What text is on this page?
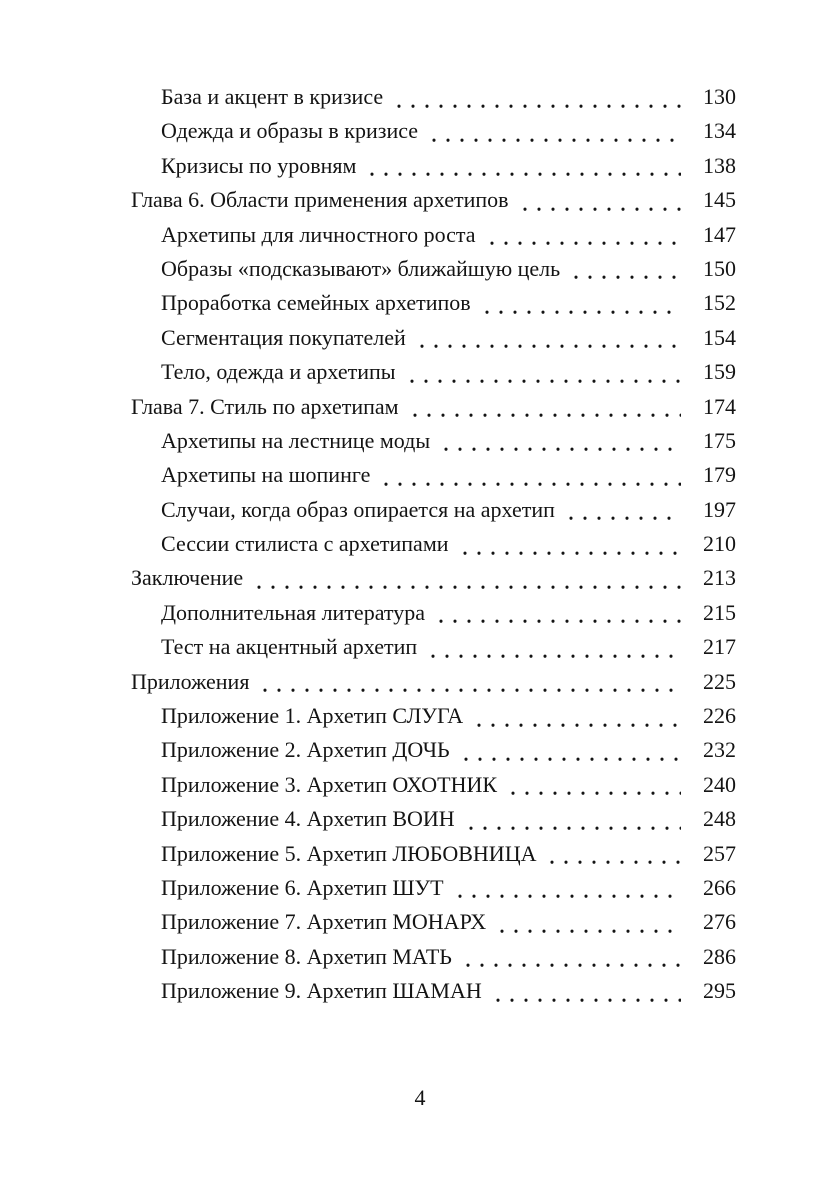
База и акцент в кризисе	130
Одежда и образы в кризисе	134
Кризисы по уровням	138
Глава 6. Области применения архетипов	145
Архетипы для личностного роста	147
Образы «подсказывают» ближайшую цель	150
Проработка семейных архетипов	152
Сегментация покупателей	154
Тело, одежда и архетипы	159
Глава 7. Стиль по архетипам	174
Архетипы на лестнице моды	175
Архетипы на шопинге	179
Случаи, когда образ опирается на архетип	197
Сессии стилиста с архетипами	210
Заключение	213
Дополнительная литература	215
Тест на акцентный архетип	217
Приложения	225
Приложение 1. Архетип СЛУГА	226
Приложение 2. Архетип ДОЧЬ	232
Приложение 3. Архетип ОХОТНИК	240
Приложение 4. Архетип ВОИН	248
Приложение 5. Архетип ЛЮБОВНИЦА	257
Приложение 6. Архетип ШУТ	266
Приложение 7. Архетип МОНАРХ	276
Приложение 8. Архетип МАТЬ	286
Приложение 9. Архетип ШАМАН	295
4
